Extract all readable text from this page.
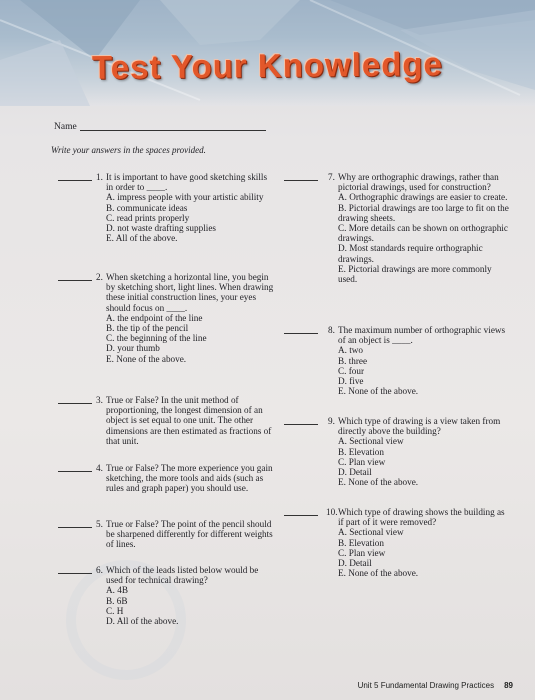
Test Your Knowledge
Name
Write your answers in the spaces provided.
1. It is important to have good sketching skills in order to ____.
A. impress people with your artistic ability
B. communicate ideas
C. read prints properly
D. not waste drafting supplies
E. All of the above.
2. When sketching a horizontal line, you begin by sketching short, light lines. When drawing these initial construction lines, your eyes should focus on ____.
A. the endpoint of the line
B. the tip of the pencil
C. the beginning of the line
D. your thumb
E. None of the above.
3. True or False? In the unit method of proportioning, the longest dimension of an object is set equal to one unit. The other dimensions are then estimated as fractions of that unit.
4. True or False? The more experience you gain sketching, the more tools and aids (such as rules and graph paper) you should use.
5. True or False? The point of the pencil should be sharpened differently for different weights of lines.
6. Which of the leads listed below would be used for technical drawing?
A. 4B
B. 6B
C. H
D. All of the above.
7. Why are orthographic drawings, rather than pictorial drawings, used for construction?
A. Orthographic drawings are easier to create.
B. Pictorial drawings are too large to fit on the drawing sheets.
C. More details can be shown on orthographic drawings.
D. Most standards require orthographic drawings.
E. Pictorial drawings are more commonly used.
8. The maximum number of orthographic views of an object is ____.
A. two
B. three
C. four
D. five
E. None of the above.
9. Which type of drawing is a view taken from directly above the building?
A. Sectional view
B. Elevation
C. Plan view
D. Detail
E. None of the above.
10. Which type of drawing shows the building as if part of it were removed?
A. Sectional view
B. Elevation
C. Plan view
D. Detail
E. None of the above.
Unit 5 Fundamental Drawing Practices 89
